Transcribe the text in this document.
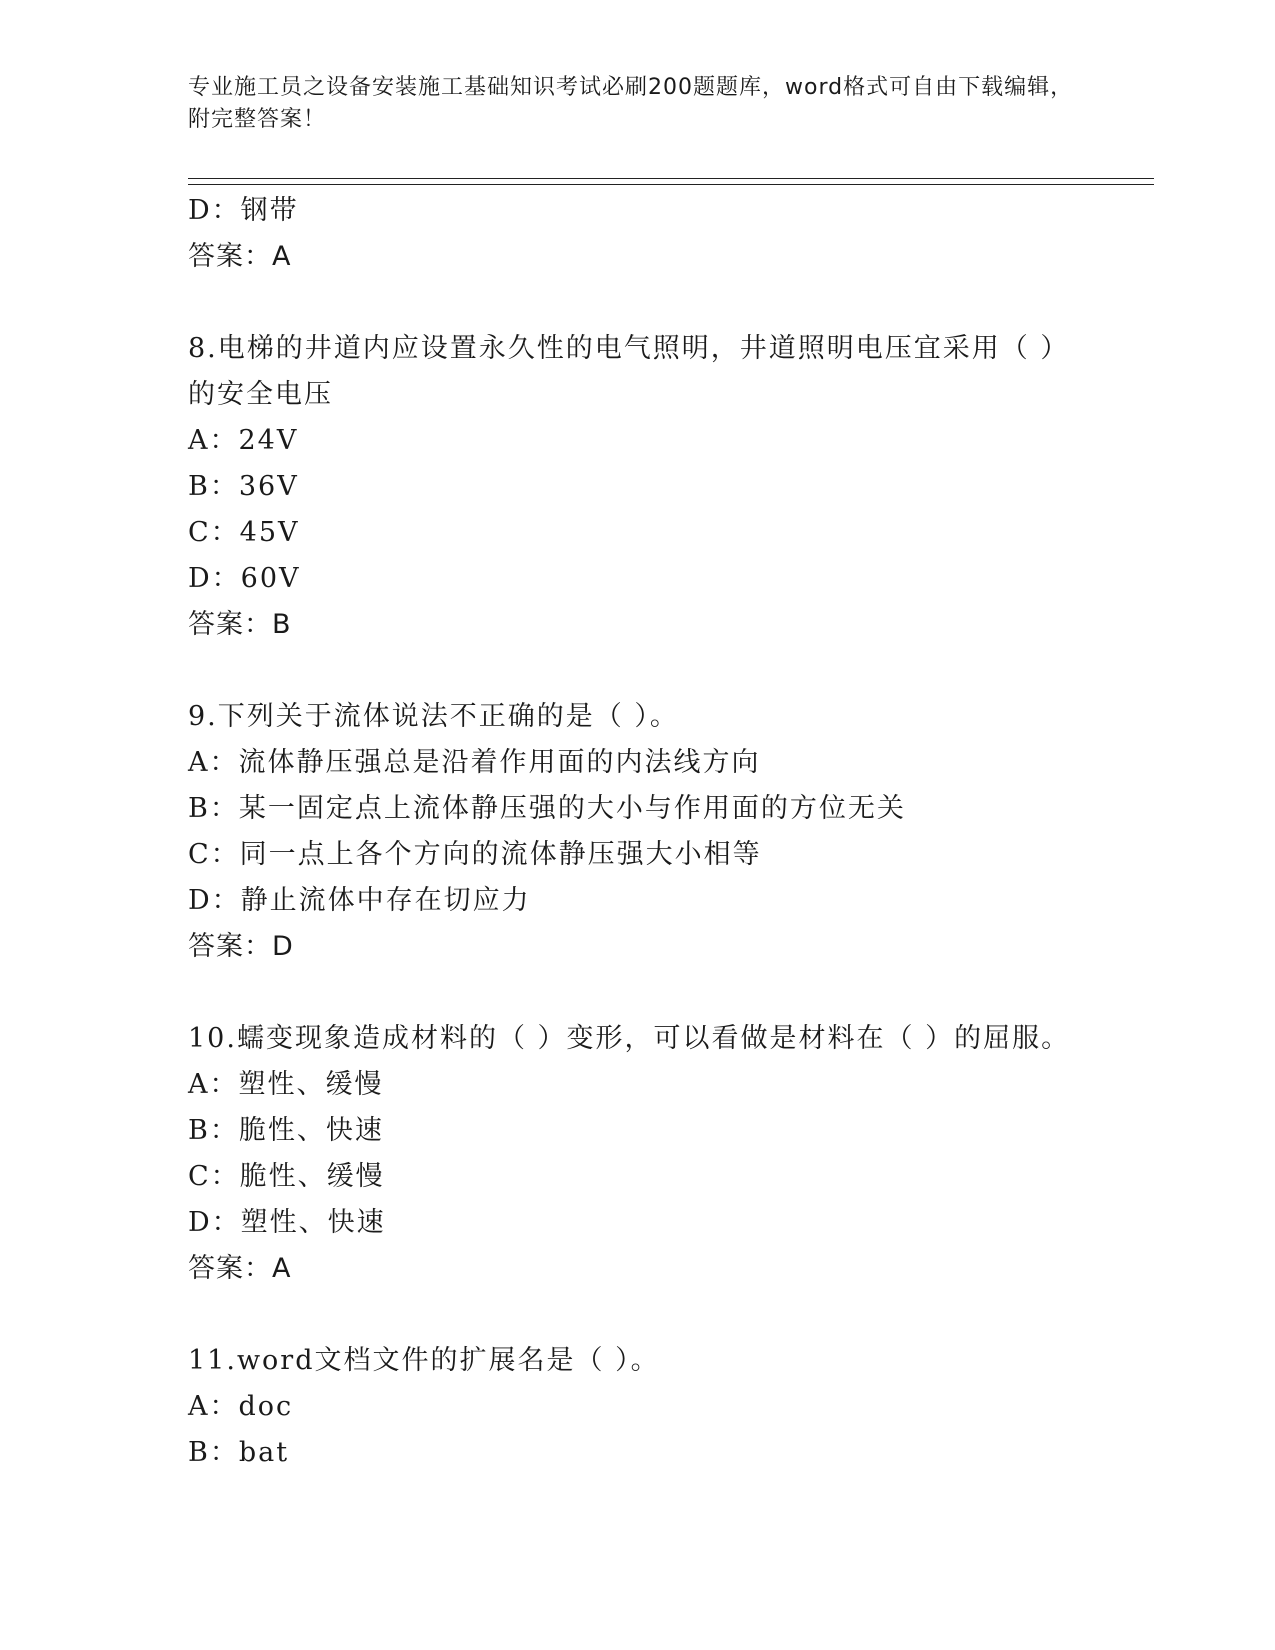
专业施工员之设备安装施工基础知识考试必刷200题题库，word格式可自由下载编辑，附完整答案！
D：钢带
答案：A
8.电梯的井道内应设置永久性的电气照明，井道照明电压宜采用（ ）的安全电压
A：24V
B：36V
C：45V
D：60V
答案：B
9.下列关于流体说法不正确的是（ ）。
A：流体静压强总是沿着作用面的内法线方向
B：某一固定点上流体静压强的大小与作用面的方位无关
C：同一点上各个方向的流体静压强大小相等
D：静止流体中存在切应力
答案：D
10.蠕变现象造成材料的（ ）变形，可以看做是材料在（ ）的屈服。
A：塑性、缓慢
B：脆性、快速
C：脆性、缓慢
D：塑性、快速
答案：A
11.word文档文件的扩展名是（ ）。
A：doc
B：bat
